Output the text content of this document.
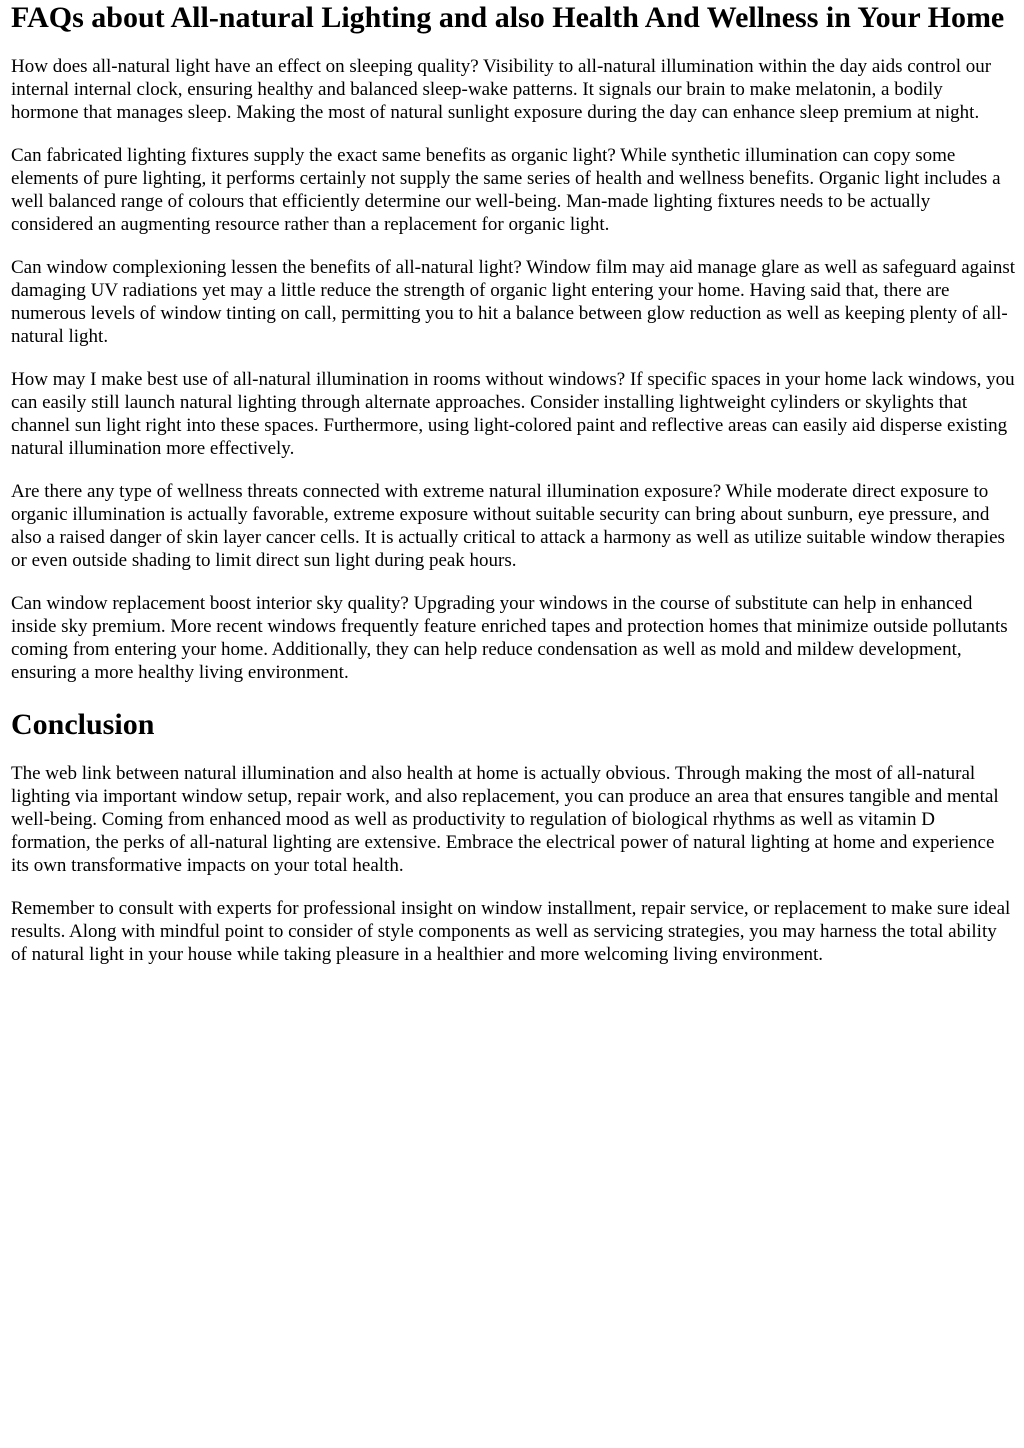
FAQs about All-natural Lighting and also Health And Wellness in Your Home

How does all-natural light have an effect on sleeping quality? Visibility to all-natural illumination within the day aids control our internal internal clock, ensuring healthy and balanced sleep-wake patterns. It signals our brain to make melatonin, a bodily hormone that manages sleep. Making the most of natural sunlight exposure during the day can enhance sleep premium at night.

Can fabricated lighting fixtures supply the exact same benefits as organic light? While synthetic illumination can copy some elements of pure lighting, it performs certainly not supply the same series of health and wellness benefits. Organic light includes a well balanced range of colours that efficiently determine our well-being. Man-made lighting fixtures needs to be actually considered an augmenting resource rather than a replacement for organic light.

Can window complexioning lessen the benefits of all-natural light? Window film may aid manage glare as well as safeguard against damaging UV radiations yet may a little reduce the strength of organic light entering your home. Having said that, there are numerous levels of window tinting on call, permitting you to hit a balance between glow reduction as well as keeping plenty of all-natural light.

How may I make best use of all-natural illumination in rooms without windows? If specific spaces in your home lack windows, you can easily still launch natural lighting through alternate approaches. Consider installing lightweight cylinders or skylights that channel sun light right into these spaces. Furthermore, using light-colored paint and reflective areas can easily aid disperse existing natural illumination more effectively.

Are there any type of wellness threats connected with extreme natural illumination exposure? While moderate direct exposure to organic illumination is actually favorable, extreme exposure without suitable security can bring about sunburn, eye pressure, and also a raised danger of skin layer cancer cells. It is actually critical to attack a harmony as well as utilize suitable window therapies or even outside shading to limit direct sun light during peak hours.

Can window replacement boost interior sky quality? Upgrading your windows in the course of substitute can help in enhanced inside sky premium. More recent windows frequently feature enriched tapes and protection homes that minimize outside pollutants coming from entering your home. Additionally, they can help reduce condensation as well as mold and mildew development, ensuring a more healthy living environment.

Conclusion

The web link between natural illumination and also health at home is actually obvious. Through making the most of all-natural lighting via important window setup, repair work, and also replacement, you can produce an area that ensures tangible and mental well-being. Coming from enhanced mood as well as productivity to regulation of biological rhythms as well as vitamin D formation, the perks of all-natural lighting are extensive. Embrace the electrical power of natural lighting at home and experience its own transformative impacts on your total health.

Remember to consult with experts for professional insight on window installment, repair service, or replacement to make sure ideal results. Along with mindful point to consider of style components as well as servicing strategies, you may harness the total ability of natural light in your house while taking pleasure in a healthier and more welcoming living environment.
